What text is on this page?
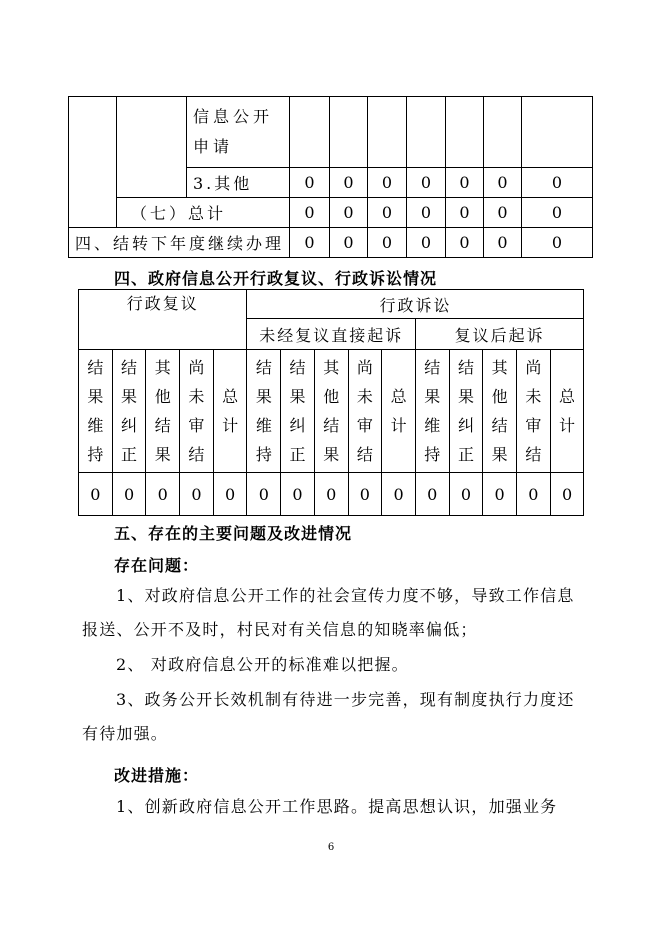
		信息公开申请							
		3.其他	0	0	0	0	0	0	0
	（七）总计		0	0	0	0	0	0	0
四、结转下年度继续办理			0	0	0	0	0	0	0
四、政府信息公开行政复议、行政诉讼情况
行政复议					行政诉讼									
					未经复议直接起诉					复议后起诉				

结
果
维
持	结
果
纠
正	其
他
结
果	尚
未
审
结	总
计	结
果
维
持	结
果
纠
正	其
他
结
果	尚
未
审
结	总
计	结
果
维
持	结
果
纠
正	其
他
结
果	尚
未
审
结	总
计

0	0	0	0	0	0	0	0	0	0	0	0	0	0	0
五、存在的主要问题及改进情况
存在问题：

1、对政府信息公开工作的社会宣传力度不够，导致工作信息报送、公开不及时，村民对有关信息的知晓率偏低；

2、 对政府信息公开的标准难以把握。

3、政务公开长效机制有待进一步完善，现有制度执行力度还有待加强。

改进措施：

1、创新政府信息公开工作思路。提高思想认识，加强业务

6
